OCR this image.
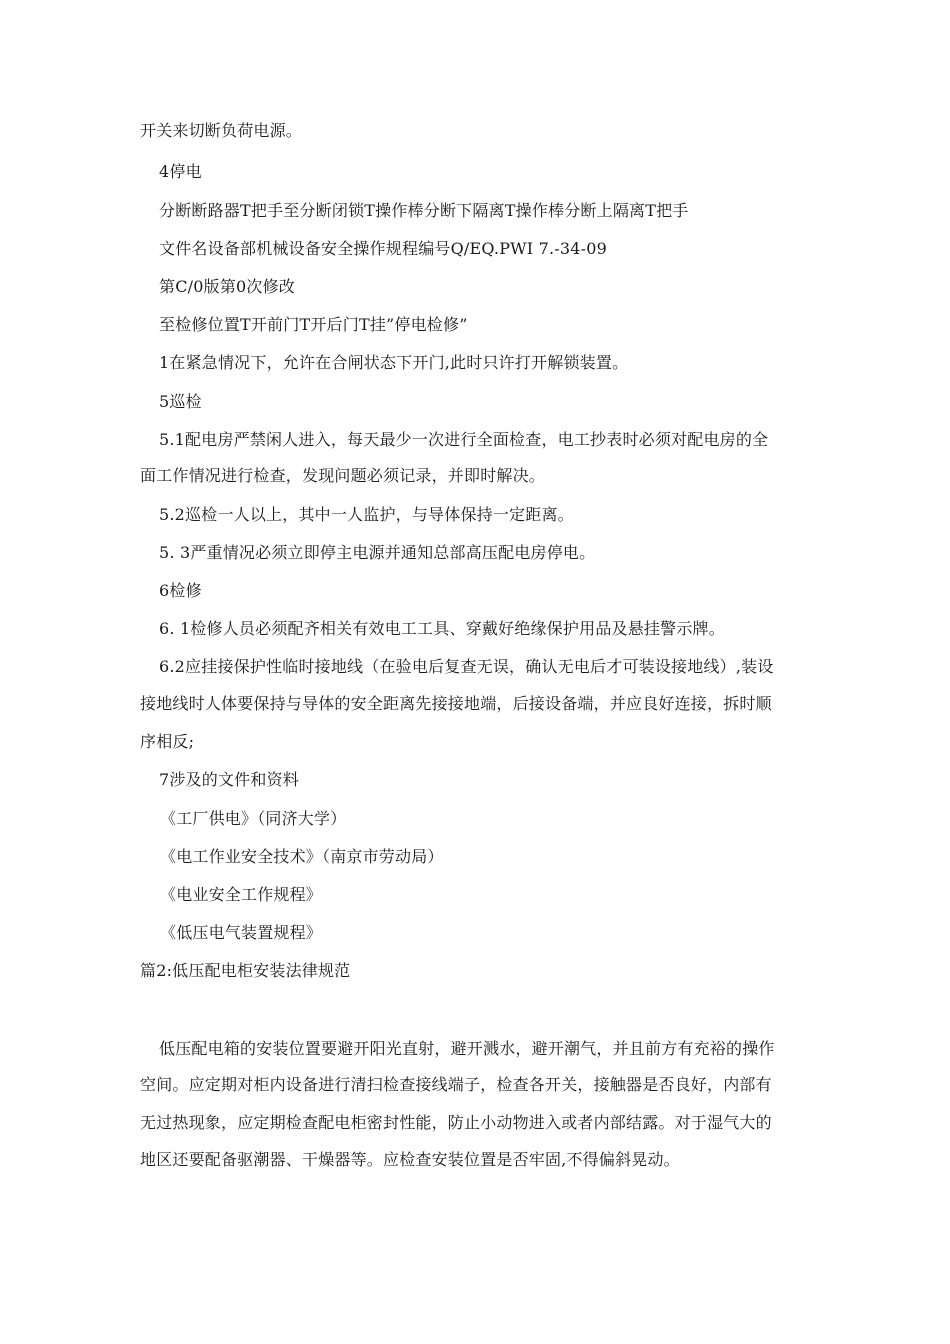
开关来切断负荷电源。
4停电
分断断路器T把手至分断闭锁T操作棒分断下隔离T操作棒分断上隔离T把手
文件名设备部机械设备安全操作规程编号Q/EQ.PWI 7.-34-09
第C/0版第0次修改
至检修位置T开前门T开后门T挂”停电检修”
1在紧急情况下，允许在合闸状态下开门,此时只许打开解锁装置。
5巡检
5.1配电房严禁闲人进入，每天最少一次进行全面检查，电工抄表时必须对配电房的全
面工作情况进行检查，发现问题必须记录，并即时解决。
5.2巡检一人以上，其中一人监护，与导体保持一定距离。
5. 3严重情况必须立即停主电源并通知总部高压配电房停电。
6检修
6. 1检修人员必须配齐相关有效电工工具、穿戴好绝缘保护用品及悬挂警示牌。
6.2应挂接保护性临时接地线（在验电后复查无误，确认无电后才可装设接地线）,装设
接地线时人体要保持与导体的安全距离先接接地端，后接设备端，并应良好连接，拆时顺
序相反;
7涉及的文件和资料
《工厂供电》（同济大学）
《电工作业安全技术》（南京市劳动局）
《电业安全工作规程》
《低压电气装置规程》
篇2:低压配电柜安装法律规范
低压配电箱的安装位置要避开阳光直射，避开溅水，避开潮气，并且前方有充裕的操作
空间。应定期对柜内设备进行清扫检查接线端子，检查各开关，接触器是否良好，内部有
无过热现象，应定期检查配电柜密封性能，防止小动物进入或者内部结露。对于湿气大的
地区还要配备驱潮器、干燥器等。应检查安装位置是否牢固,不得偏斜晃动。
